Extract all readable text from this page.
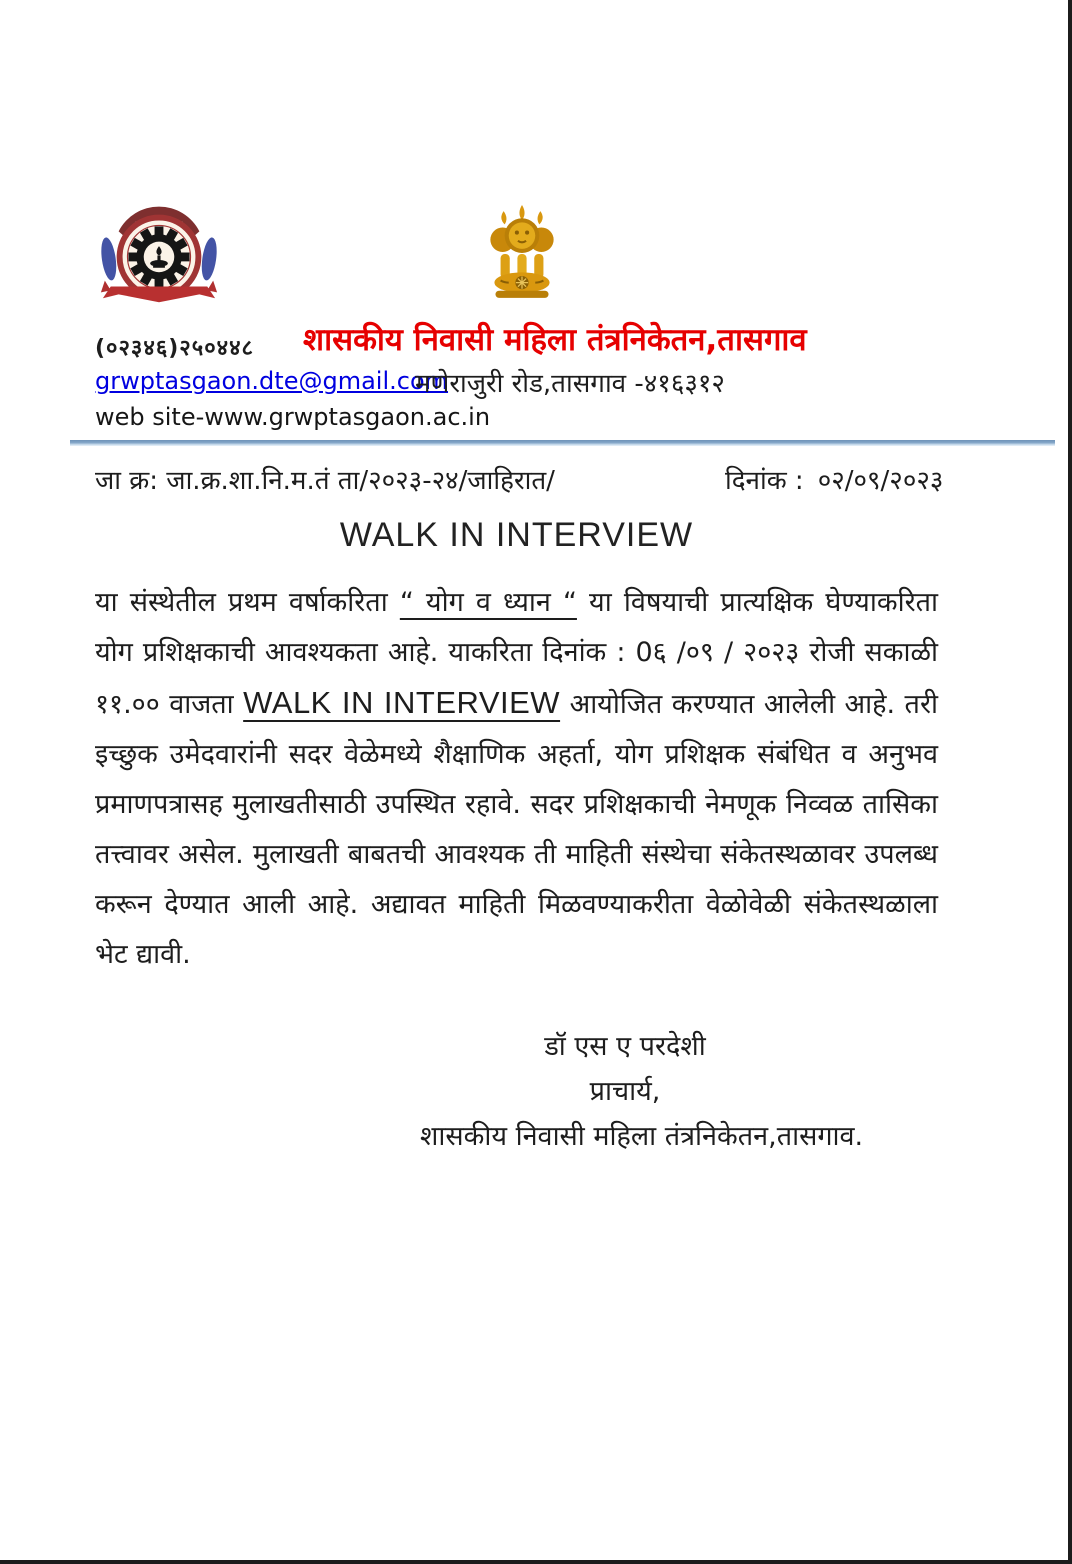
(०२३४६)२५०४४८ शासकीय निवासी महिला तंत्रनिकेतन,तासगाव
grwptasgaon.dte@gmail.com
मणेराजुरी रोड,तासगाव -४१६३१२
web site-www.grwptasgaon.ac.in
जा क्र: जा.क्र.शा.नि.म.तं ता/२०२३-२४/जाहिरात/	दिनांक : ०२/०९/२०२३
WALK IN INTERVIEW
या संस्थेतील प्रथम वर्षाकरिता “ योग व ध्यान “ या विषयाची प्रात्यक्षिक घेण्याकरिता योग प्रशिक्षकाची आवश्यकता आहे. याकरिता दिनांक : 0६ /०९ / २०२३ रोजी सकाळी ११.०० वाजता WALK IN INTERVIEW आयोजित करण्यात आलेली आहे. तरी इच्छुक उमेदवारांनी सदर वेळेमध्ये शैक्षाणिक अहर्ता, योग प्रशिक्षक संबंधित व अनुभव प्रमाणपत्रासह मुलाखतीसाठी उपस्थित रहावे. सदर प्रशिक्षकाची नेमणूक निव्वळ तासिका तत्त्वावर असेल. मुलाखती बाबतची आवश्यक ती माहिती संस्थेचा संकेतस्थळावर उपलब्ध करून देण्यात आली आहे. अद्यावत माहिती मिळवण्याकरीता वेळोवेळी संकेतस्थळाला भेट द्यावी.
डॉ एस ए परदेशी
प्राचार्य,
शासकीय निवासी महिला तंत्रनिकेतन,तासगाव.
